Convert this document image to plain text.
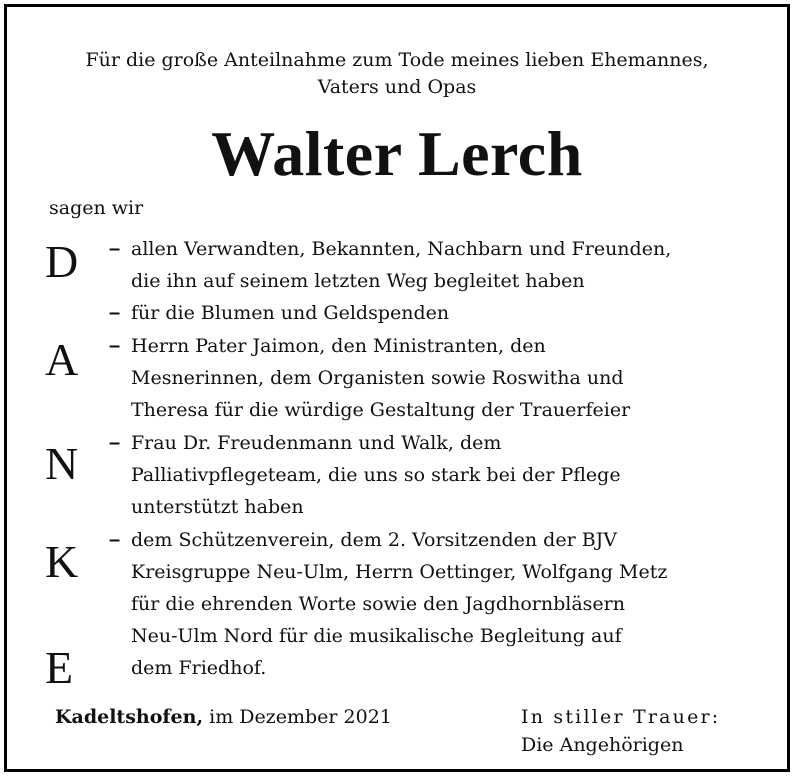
Für die große Anteilnahme zum Tode meines lieben Ehemannes,
Vaters und Opas
Walter Lerch
sagen wir
D
A
N
K
E
– allen Verwandten, Bekannten, Nachbarn und Freunden,
die ihn auf seinem letzten Weg begleitet haben
– für die Blumen und Geldspenden
– Herrn Pater Jaimon, den Ministranten, den
Mesnerinnen, dem Organisten sowie Roswitha und
Theresa für die würdige Gestaltung der Trauerfeier
– Frau Dr. Freudenmann und Walk, dem
Palliativpflegeteam, die uns so stark bei der Pflege
unterstützt haben
– dem Schützenverein, dem 2. Vorsitzenden der BJV
Kreisgruppe Neu-Ulm, Herrn Oettinger, Wolfgang Metz
für die ehrenden Worte sowie den Jagdhornbläsern
Neu-Ulm Nord für die musikalische Begleitung auf
dem Friedhof.
Kadeltshofen, im Dezember 2021	In stiller Trauer:
Die Angehörigen
